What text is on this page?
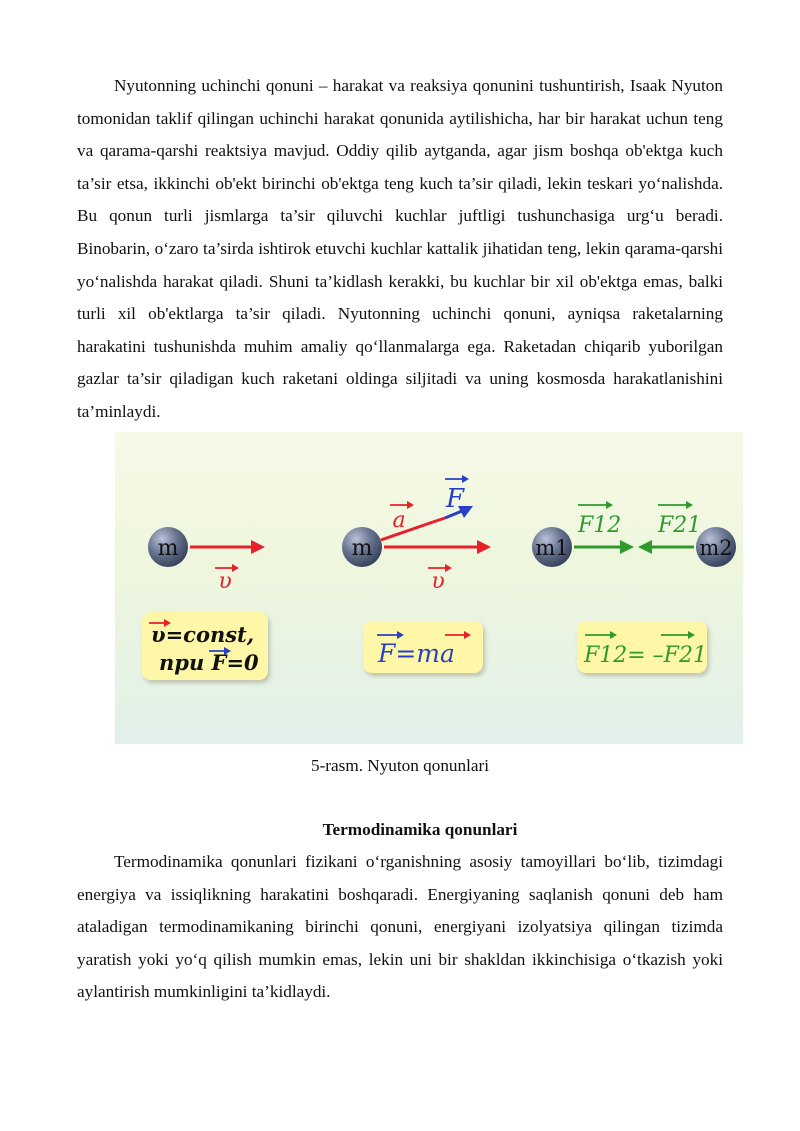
Nyutonning uchinchi qonuni – harakat va reaksiya qonunini tushuntirish, Isaak Nyuton tomonidan taklif qilingan uchinchi harakat qonunida aytilishicha, har bir harakat uchun teng va qarama-qarshi reaktsiya mavjud. Oddiy qilib aytganda, agar jism boshqa ob'ektga kuch ta’sir etsa, ikkinchi ob'ekt birinchi ob'ektga teng kuch ta’sir qiladi, lekin teskari yo‘nalishda. Bu qonun turli jismlarga ta’sir qiluvchi kuchlar juftligi tushunchasiga urg‘u beradi. Binobarin, o‘zaro ta’sirda ishtirok etuvchi kuchlar kattalik jihatidan teng, lekin qarama-qarshi yo‘nalishda harakat qiladi. Shuni ta’kidlash kerakki, bu kuchlar bir xil ob'ektga emas, balki turli xil ob'ektlarga ta’sir qiladi. Nyutonning uchinchi qonuni, ayniqsa raketalarning harakatini tushunishda muhim amaliy qo‘llanmalarga ega. Raketadan chiqarib yuborilgan gazlar ta’sir qiladigan kuch raketani oldinga siljitadi va uning kosmosda harakatlanishini ta’minlaydi.

m
υ
υ=const,
npu F=0
m
a
F
υ
F=ma
m1	m2
F12 F21
F12= –F21
5-rasm. Nyuton qonunlari
Termodinamika qonunlari

Termodinamika qonunlari fizikani o‘rganishning asosiy tamoyillari bo‘lib, tizimdagi energiya va issiqlikning harakatini boshqaradi. Energiyaning saqlanish qonuni deb ham ataladigan termodinamikaning birinchi qonuni, energiyani izolyatsiya qilingan tizimda yaratish yoki yo‘q qilish mumkin emas, lekin uni bir shakldan ikkinchisiga o‘tkazish yoki aylantirish mumkinligini ta’kidlaydi.
